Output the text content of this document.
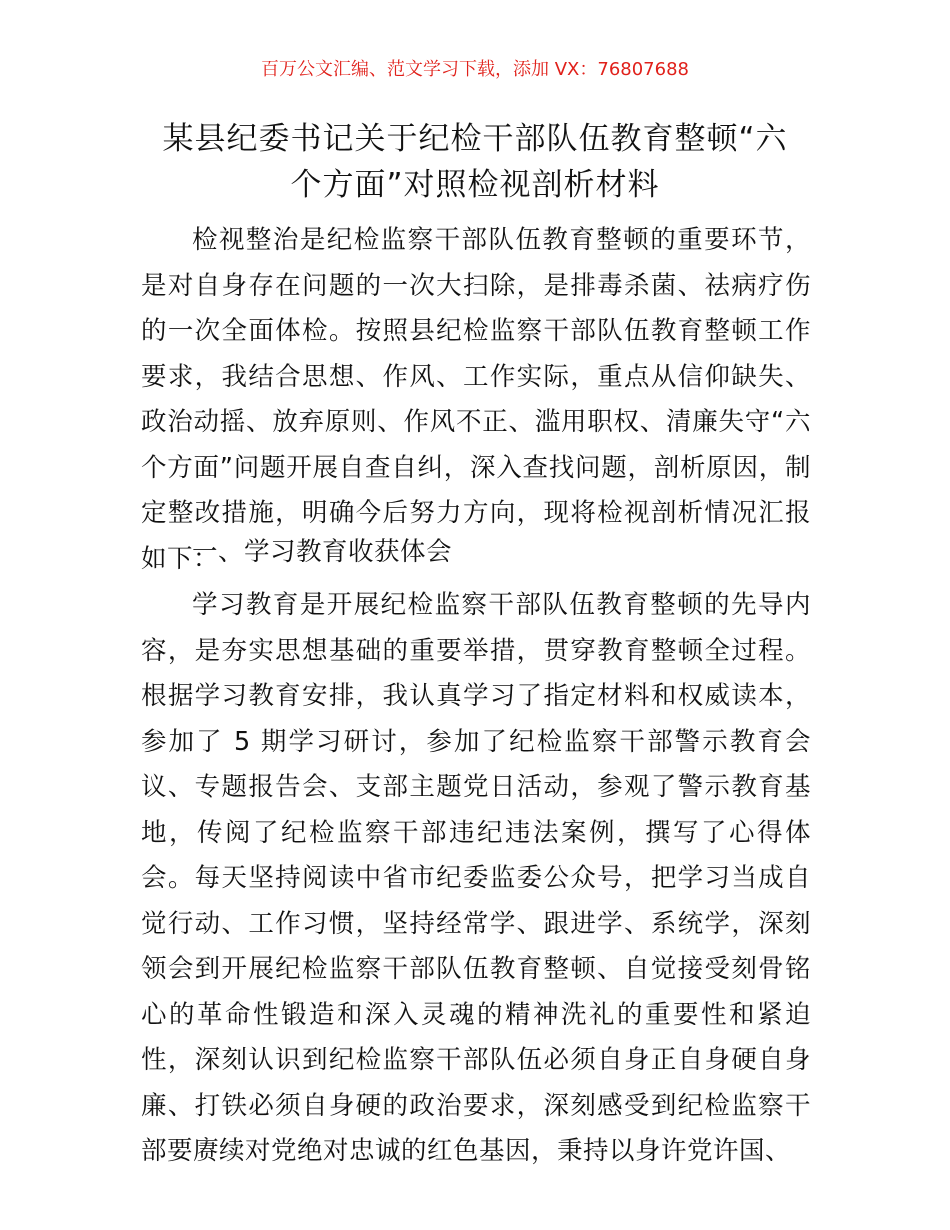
百万公文汇编、范文学习下载，添加 VX：76807688
某县纪委书记关于纪检干部队伍教育整顿“六
个方面”对照检视剖析材料

检视整治是纪检监察干部队伍教育整顿的重要环节，是对自身存在问题的一次大扫除，是排毒杀菌、祛病疗伤的一次全面体检。按照县纪检监察干部队伍教育整顿工作要求，我结合思想、作风、工作实际，重点从信仰缺失、政治动摇、放弃原则、作风不正、滥用职权、清廉失守“六个方面”问题开展自查自纠，深入查找问题，剖析原因，制定整改措施，明确今后努力方向，现将检视剖析情况汇报如下：

一、学习教育收获体会

学习教育是开展纪检监察干部队伍教育整顿的先导内容，是夯实思想基础的重要举措，贯穿教育整顿全过程。根据学习教育安排，我认真学习了指定材料和权威读本，参加了 5 期学习研讨，参加了纪检监察干部警示教育会议、专题报告会、支部主题党日活动，参观了警示教育基地，传阅了纪检监察干部违纪违法案例，撰写了心得体会。每天坚持阅读中省市纪委监委公众号，把学习当成自觉行动、工作习惯，坚持经常学、跟进学、系统学，深刻领会到开展纪检监察干部队伍教育整顿、自觉接受刻骨铭心的革命性锻造和深入灵魂的精神洗礼的重要性和紧迫性，深刻认识到纪检监察干部队伍必须自身正自身硬自身廉、打铁必须自身硬的政治要求，深刻感受到纪检监察干部要赓续对党绝对忠诚的红色基因，秉持以身许党许国、
